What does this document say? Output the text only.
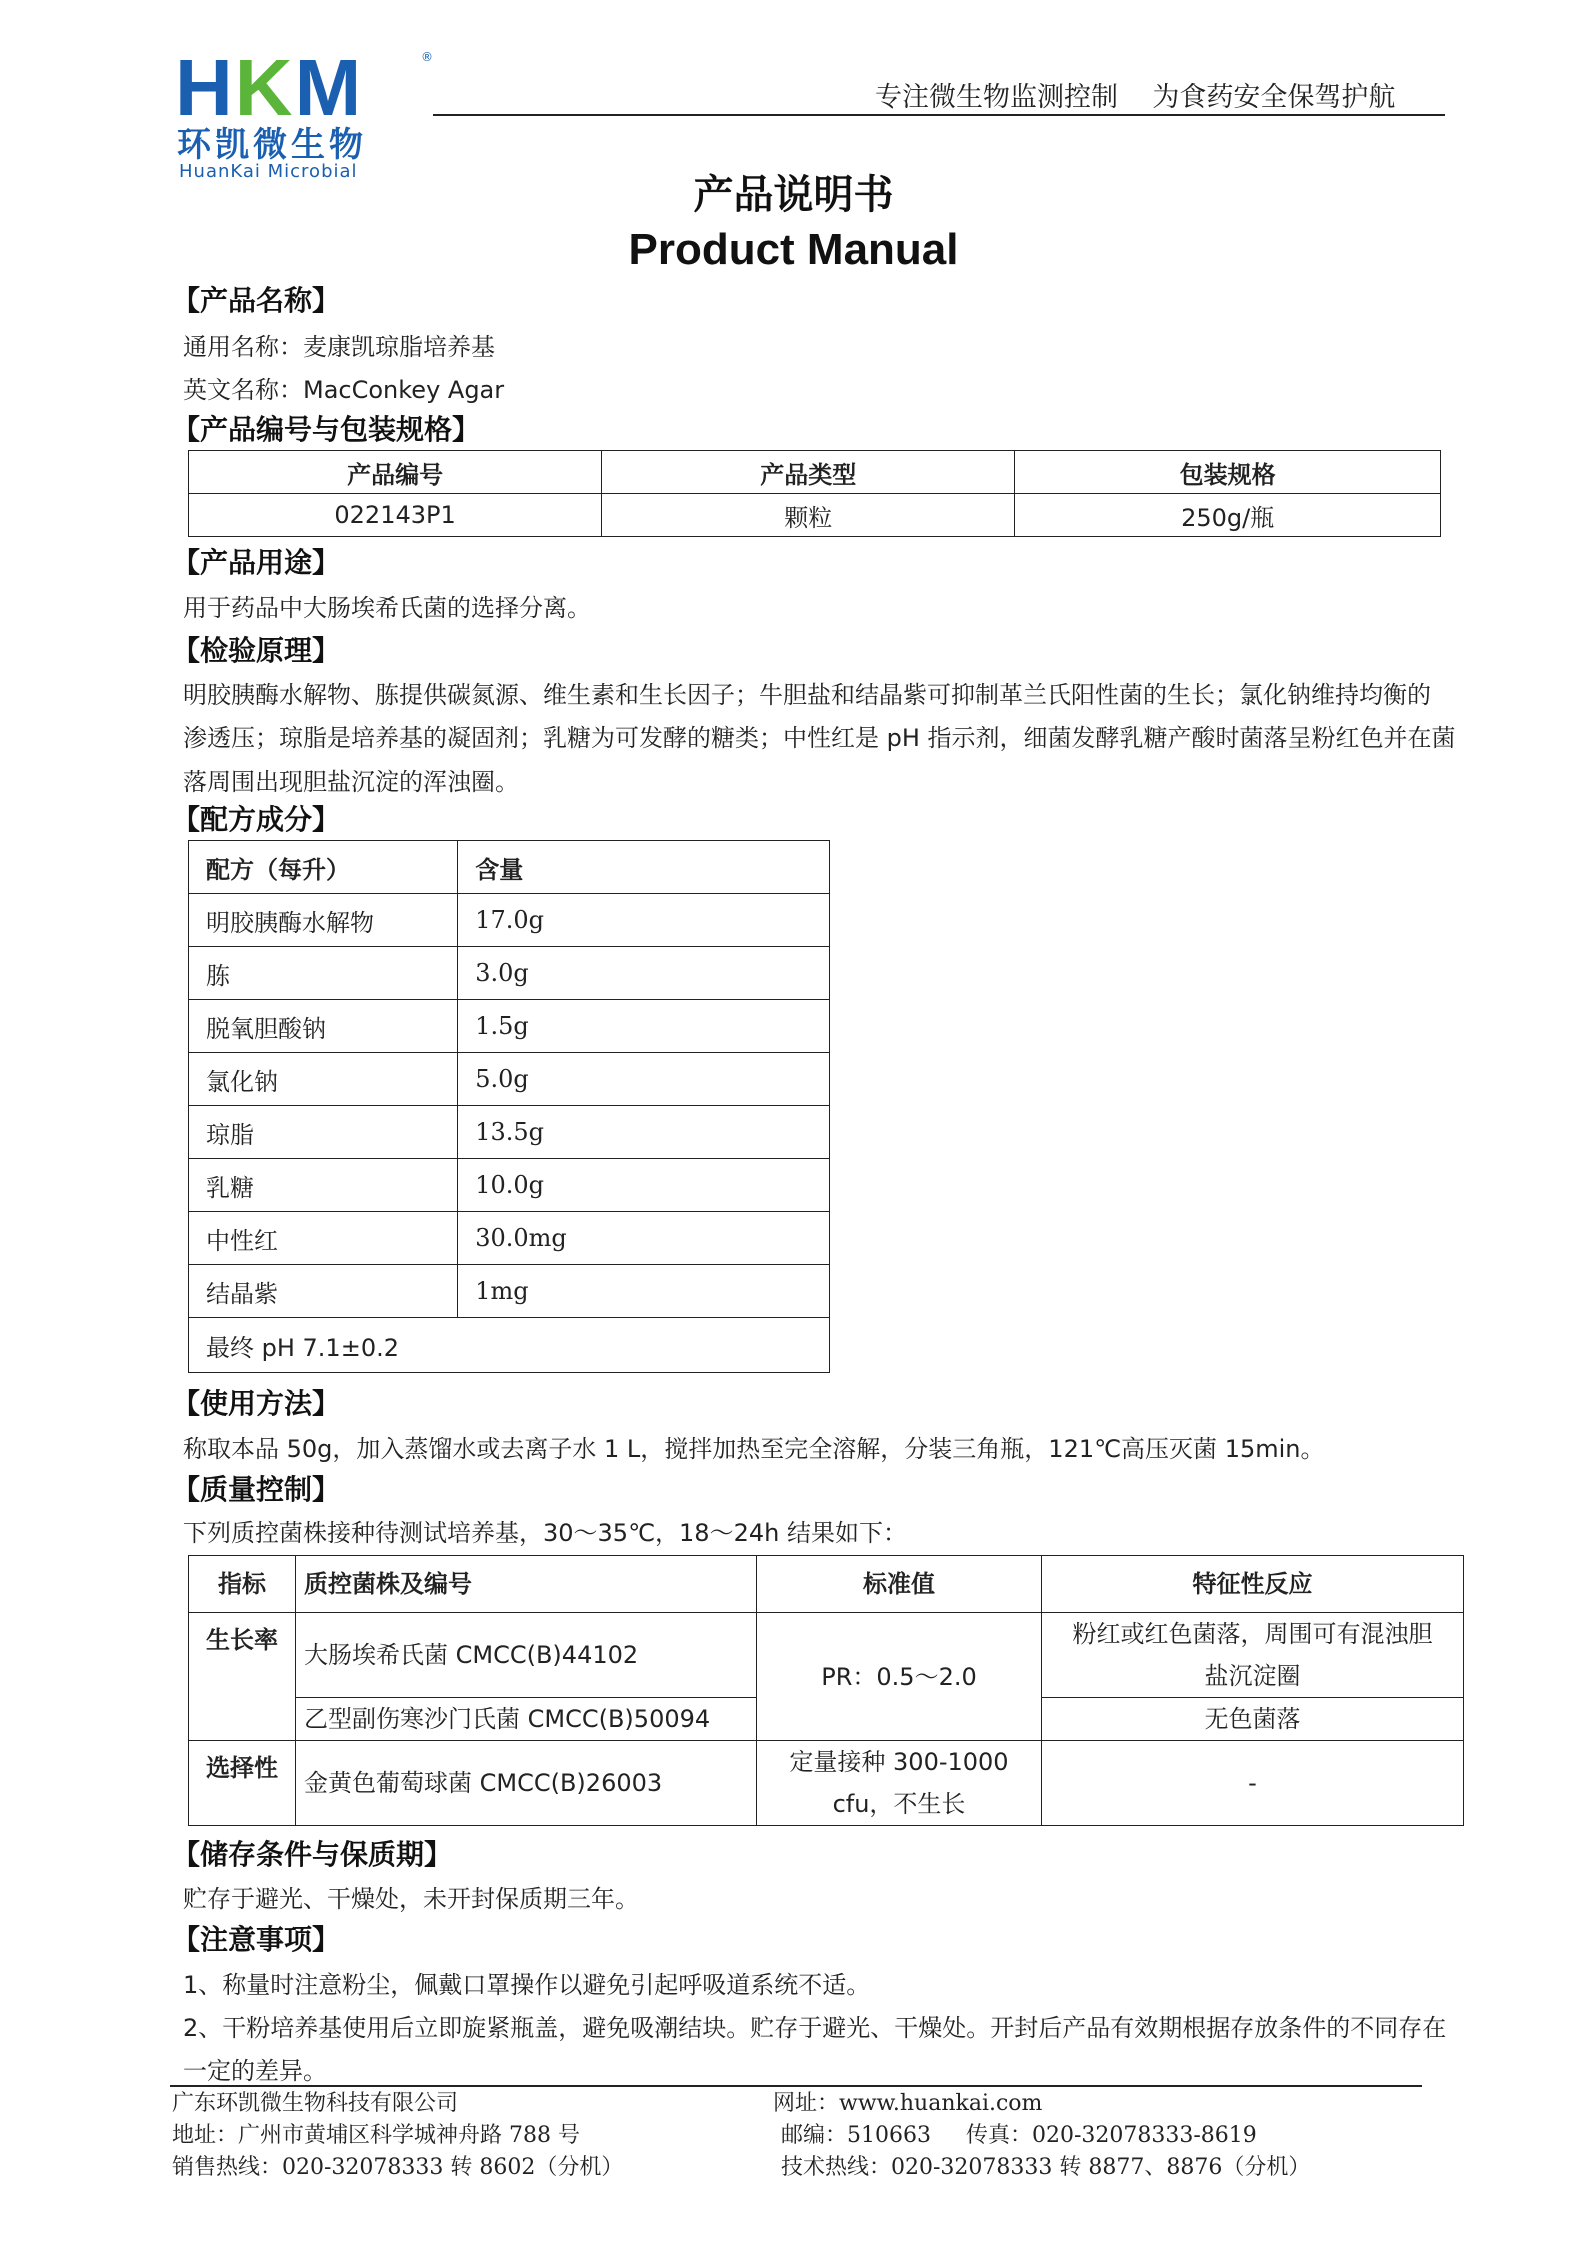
HKM	®
环凯微生物
HuanKai Microbial
专注微生物监测控制    为食药安全保驾护航
产品说明书
Product Manual
【产品名称】
通用名称：麦康凯琼脂培养基
英文名称：MacConkey Agar
【产品编号与包装规格】
产品编号	产品类型	包装规格
022143P1	颗粒	250g/瓶
【产品用途】
用于药品中大肠埃希氏菌的选择分离。
【检验原理】
明胶胰酶水解物、胨提供碳氮源、维生素和生长因子；牛胆盐和结晶紫可抑制革兰氏阳性菌的生长；氯化钠维持均衡的
渗透压；琼脂是培养基的凝固剂；乳糖为可发酵的糖类；中性红是 pH 指示剂，细菌发酵乳糖产酸时菌落呈粉红色并在菌
落周围出现胆盐沉淀的浑浊圈。
【配方成分】
配方（每升）	含量
明胶胰酶水解物	17.0g
胨	3.0g
脱氧胆酸钠	1.5g
氯化钠	5.0g
琼脂	13.5g
乳糖	10.0g
中性红	30.0mg
结晶紫	1mg
最终 pH 7.1±0.2	
【使用方法】
称取本品 50g，加入蒸馏水或去离子水 1 L，搅拌加热至完全溶解，分装三角瓶，121℃高压灭菌 15min。
【质量控制】
下列质控菌株接种待测试培养基，30～35℃，18～24h 结果如下：
指标	质控菌株及编号	标准值	特征性反应
生长率	大肠埃希氏菌 CMCC(B)44102	PR：0.5～2.0	粉红或红色菌落，周围可有混浊胆
盐沉淀圈

	乙型副伤寒沙门氏菌 CMCC(B)50094		无色菌落
选择性	金黄色葡萄球菌 CMCC(B)26003	定量接种 300-1000
cfu，不生长	-
【储存条件与保质期】
贮存于避光、干燥处，未开封保质期三年。
【注意事项】
1、称量时注意粉尘，佩戴口罩操作以避免引起呼吸道系统不适。
2、干粉培养基使用后立即旋紧瓶盖，避免吸潮结块。贮存于避光、干燥处。开封后产品有效期根据存放条件的不同存在
一定的差异。
广东环凯微生物科技有限公司	网址：www.huankai.com
地址：广州市黄埔区科学城神舟路 788 号	邮编：510663     传真：020-32078333-8619
销售热线：020-32078333 转 8602（分机）	技术热线：020-32078333 转 8877、8876（分机）
